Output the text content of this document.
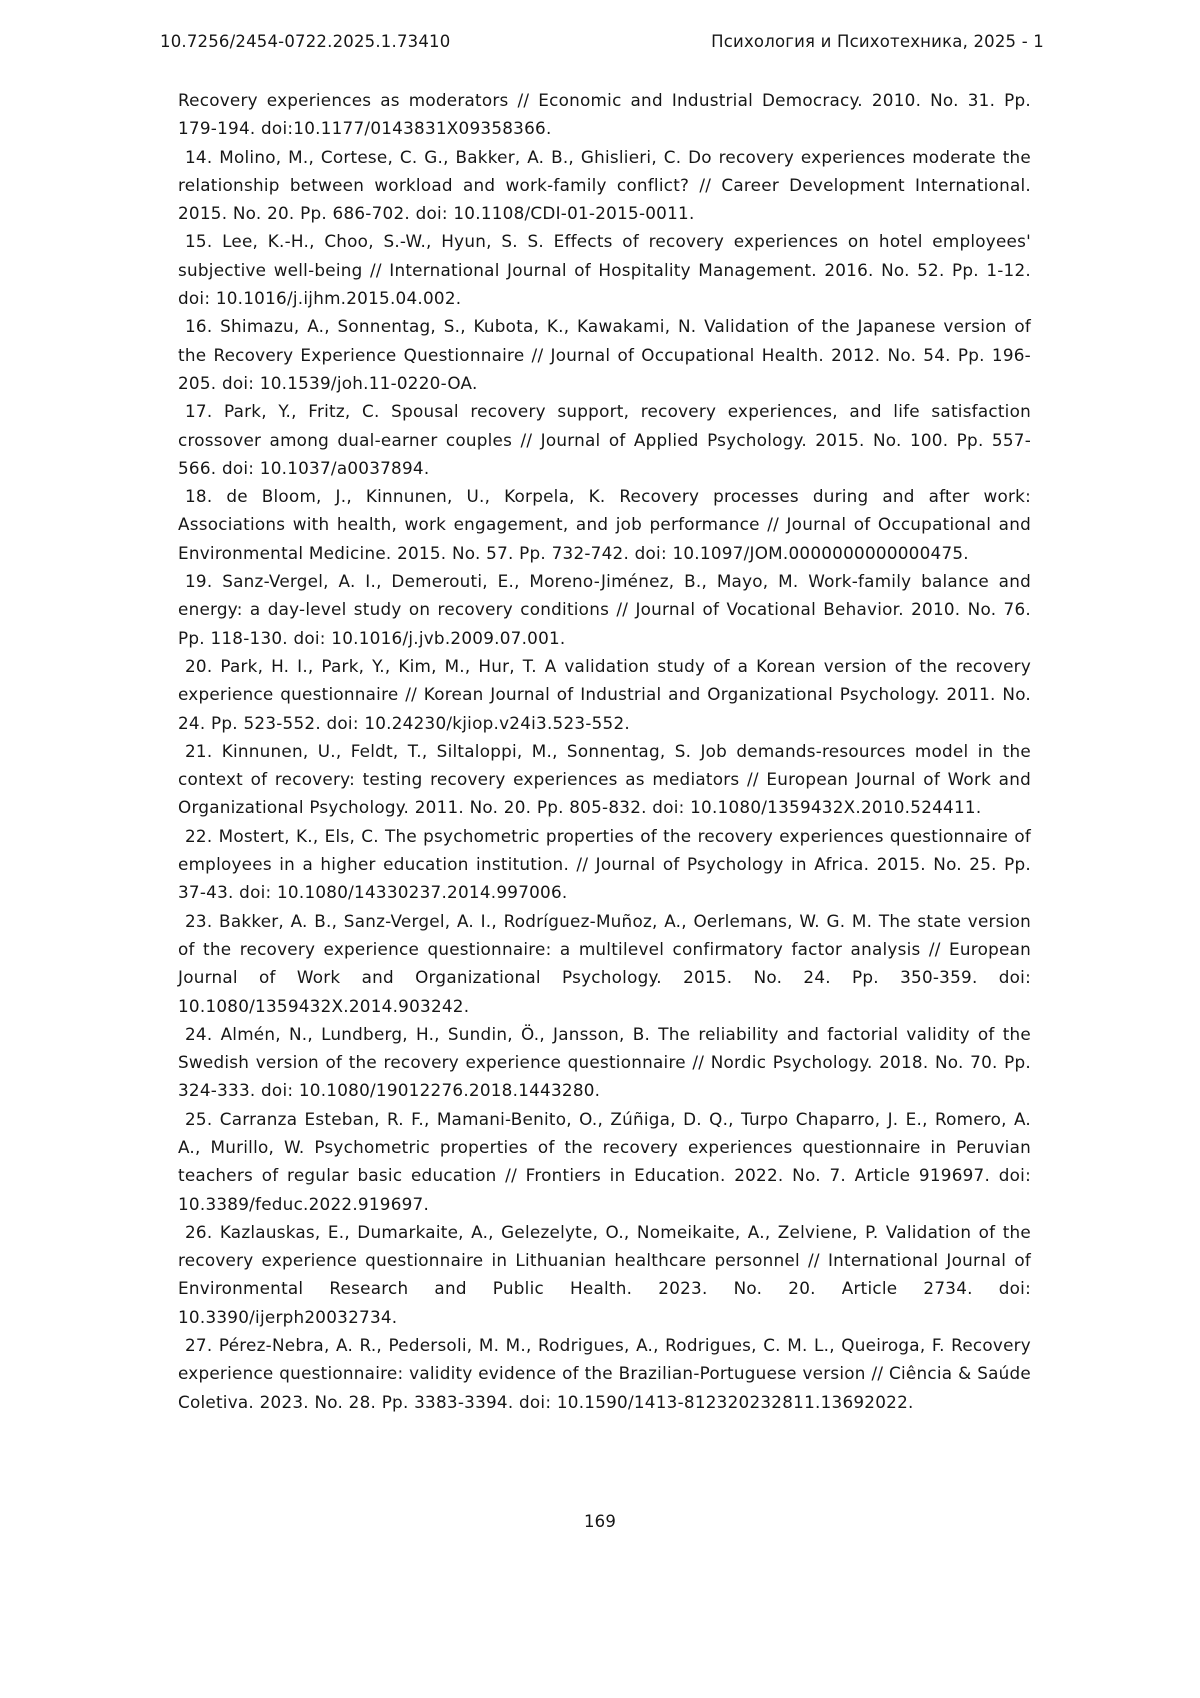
10.7256/2454-0722.2025.1.73410	Психология и Психотехника, 2025 - 1

Recovery experiences as moderators // Economic and Industrial Democracy. 2010. No. 31. Pp. 179-194. doi:10.1177/0143831X09358366.

14. Molino, M., Cortese, C. G., Bakker, A. B., Ghislieri, C. Do recovery experiences moderate the relationship between workload and work-family conflict? // Career Development International. 2015. No. 20. Pp. 686-702. doi: 10.1108/CDI-01-2015-0011.

15. Lee, K.-H., Choo, S.-W., Hyun, S. S. Effects of recovery experiences on hotel employees' subjective well-being // International Journal of Hospitality Management. 2016. No. 52. Pp. 1-12. doi: 10.1016/j.ijhm.2015.04.002.

16. Shimazu, A., Sonnentag, S., Kubota, K., Kawakami, N. Validation of the Japanese version of the Recovery Experience Questionnaire // Journal of Occupational Health. 2012. No. 54. Pp. 196-205. doi: 10.1539/joh.11-0220-OA.

17. Park, Y., Fritz, C. Spousal recovery support, recovery experiences, and life satisfaction crossover among dual-earner couples // Journal of Applied Psychology. 2015. No. 100. Pp. 557-566. doi: 10.1037/a0037894.

18. de Bloom, J., Kinnunen, U., Korpela, K. Recovery processes during and after work: Associations with health, work engagement, and job performance // Journal of Occupational and Environmental Medicine. 2015. No. 57. Pp. 732-742. doi: 10.1097/JOM.0000000000000475.

19. Sanz-Vergel, A. I., Demerouti, E., Moreno-Jiménez, B., Mayo, M. Work-family balance and energy: a day-level study on recovery conditions // Journal of Vocational Behavior. 2010. No. 76. Pp. 118-130. doi: 10.1016/j.jvb.2009.07.001.

20. Park, H. I., Park, Y., Kim, M., Hur, T. A validation study of a Korean version of the recovery experience questionnaire // Korean Journal of Industrial and Organizational Psychology. 2011. No. 24. Pp. 523-552. doi: 10.24230/kjiop.v24i3.523-552.

21. Kinnunen, U., Feldt, T., Siltaloppi, M., Sonnentag, S. Job demands-resources model in the context of recovery: testing recovery experiences as mediators // European Journal of Work and Organizational Psychology. 2011. No. 20. Pp. 805-832. doi: 10.1080/1359432X.2010.524411.

22. Mostert, K., Els, C. The psychometric properties of the recovery experiences questionnaire of employees in a higher education institution. // Journal of Psychology in Africa. 2015. No. 25. Pp. 37-43. doi: 10.1080/14330237.2014.997006.

23. Bakker, A. B., Sanz-Vergel, A. I., Rodríguez-Muñoz, A., Oerlemans, W. G. M. The state version of the recovery experience questionnaire: a multilevel confirmatory factor analysis // European Journal of Work and Organizational Psychology. 2015. No. 24. Pp. 350-359. doi: 10.1080/1359432X.2014.903242.

24. Almén, N., Lundberg, H., Sundin, Ö., Jansson, B. The reliability and factorial validity of the Swedish version of the recovery experience questionnaire // Nordic Psychology. 2018. No. 70. Pp. 324-333. doi: 10.1080/19012276.2018.1443280.

25. Carranza Esteban, R. F., Mamani-Benito, O., Zúñiga, D. Q., Turpo Chaparro, J. E., Romero, A. A., Murillo, W. Psychometric properties of the recovery experiences questionnaire in Peruvian teachers of regular basic education // Frontiers in Education. 2022. No. 7. Article 919697. doi: 10.3389/feduc.2022.919697.

26. Kazlauskas, E., Dumarkaite, A., Gelezelyte, O., Nomeikaite, A., Zelviene, P. Validation of the recovery experience questionnaire in Lithuanian healthcare personnel // International Journal of Environmental Research and Public Health. 2023. No. 20. Article 2734. doi: 10.3390/ijerph20032734.

27. Pérez-Nebra, A. R., Pedersoli, M. M., Rodrigues, A., Rodrigues, C. M. L., Queiroga, F. Recovery experience questionnaire: validity evidence of the Brazilian-Portuguese version // Ciência & Saúde Coletiva. 2023. No. 28. Pp. 3383-3394. doi: 10.1590/1413-812320232811.13692022.

169
